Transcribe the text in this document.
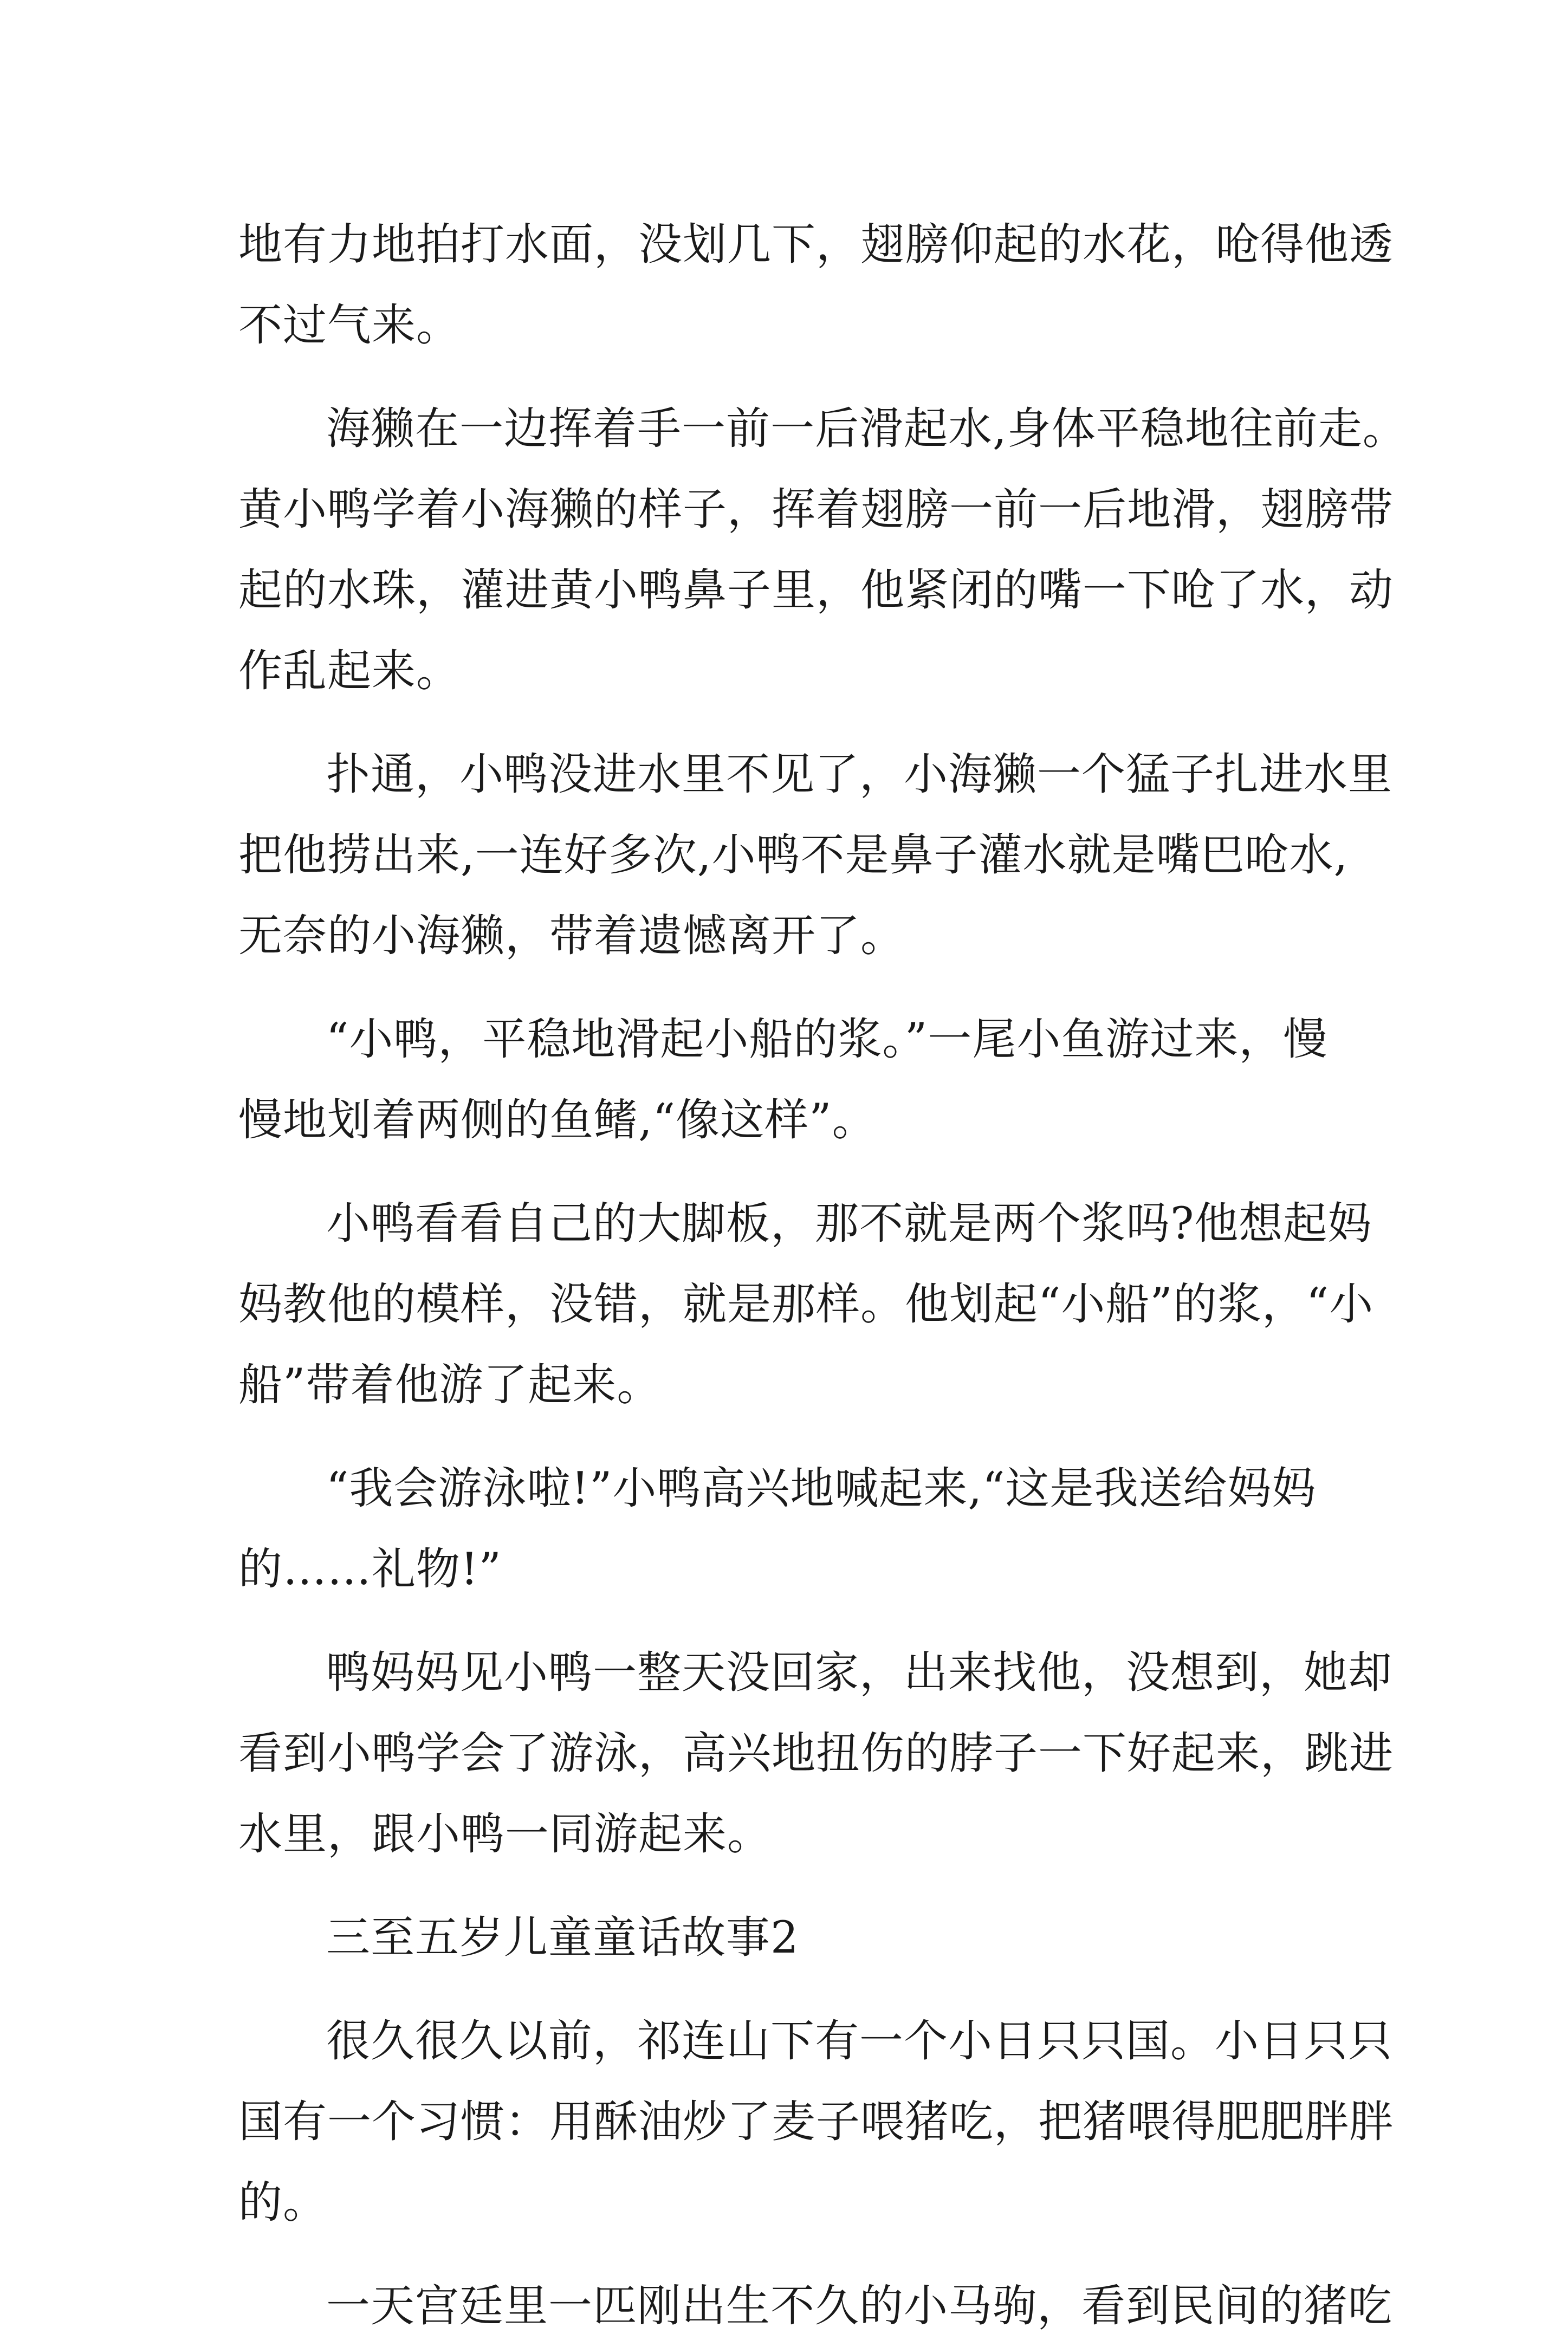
地有力地拍打水面，没划几下，翅膀仰起的水花，呛得他透
不过气来。
海獭在一边挥着手一前一后滑起水,身体平稳地往前走。
黄小鸭学着小海獭的样子，挥着翅膀一前一后地滑，翅膀带
起的水珠，灌进黄小鸭鼻子里，他紧闭的嘴一下呛了水，动
作乱起来。
扑通，小鸭没进水里不见了，小海獭一个猛子扎进水里
把他捞出来,一连好多次,小鸭不是鼻子灌水就是嘴巴呛水,
无奈的小海獭，带着遗憾离开了。
“小鸭，平稳地滑起小船的浆。”一尾小鱼游过来，慢
慢地划着两侧的鱼鳍,“像这样”。
小鸭看看自己的大脚板，那不就是两个浆吗?他想起妈
妈教他的模样，没错，就是那样。他划起“小船”的浆，“小
船”带着他游了起来。
“我会游泳啦!”小鸭高兴地喊起来,“这是我送给妈妈
的……礼物!”
鸭妈妈见小鸭一整天没回家，出来找他，没想到，她却
看到小鸭学会了游泳，高兴地扭伤的脖子一下好起来，跳进
水里，跟小鸭一同游起来。
三至五岁儿童童话故事2
很久很久以前，祁连山下有一个小日只只国。小日只只
国有一个习惯：用酥油炒了麦子喂猪吃，把猪喂得肥肥胖胖
的。
一天宫廷里一匹刚出生不久的小马驹，看到民间的猪吃
